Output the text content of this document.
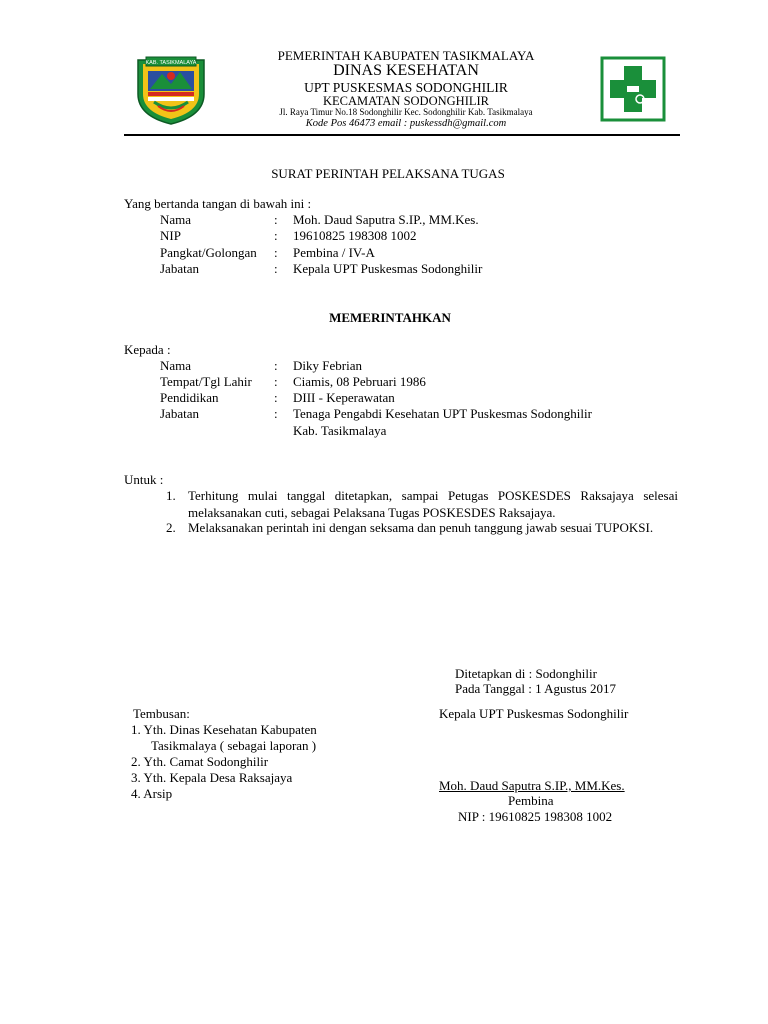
KAB. TASIKMALAYA	PEMERINTAH KABUPATEN TASIKMALAYA
DINAS KESEHATAN
UPT PUSKESMAS SODONGHILIR
KECAMATAN SODONGHILIR
Jl. Raya Timur No.18 Sodonghilir Kec. Sodonghilir Kab. Tasikmalaya
Kode Pos 46473 email : puskessdh@gmail.com
SURAT PERINTAH PELAKSANA TUGAS
Yang bertanda tangan di bawah ini :
Nama	: Moh. Daud Saputra S.IP., MM.Kes.
NIP	: 19610825 198308 1002
Pangkat/Golongan : Pembina / IV-A
Jabatan	: Kepala UPT Puskesmas Sodonghilir
MEMERINTAHKAN
Kepada :
Nama	: Diky Febrian
Tempat/Tgl Lahir : Ciamis, 08 Pebruari 1986
Pendidikan	: DIII - Keperawatan
Jabatan	: Tenaga Pengabdi Kesehatan UPT Puskesmas Sodonghilir
Kab. Tasikmalaya
Untuk :
1. Terhitung mulai tanggal ditetapkan, sampai Petugas POSKESDES Raksajaya selesai melaksanakan cuti, sebagai Pelaksana Tugas POSKESDES Raksajaya.
2. Melaksanakan perintah ini dengan seksama dan penuh tanggung jawab sesuai TUPOKSI.
Ditetapkan di : Sodonghilir
Pada Tanggal : 1 Agustus 2017
Tembusan:
1. Yth. Dinas Kesehatan Kabupaten
Tasikmalaya ( sebagai laporan )
2. Yth. Camat Sodonghilir
3. Yth. Kepala Desa Raksajaya
4. Arsip
Kepala UPT Puskesmas Sodonghilir
Moh. Daud Saputra S.IP., MM.Kes.
Pembina
NIP : 19610825 198308 1002
